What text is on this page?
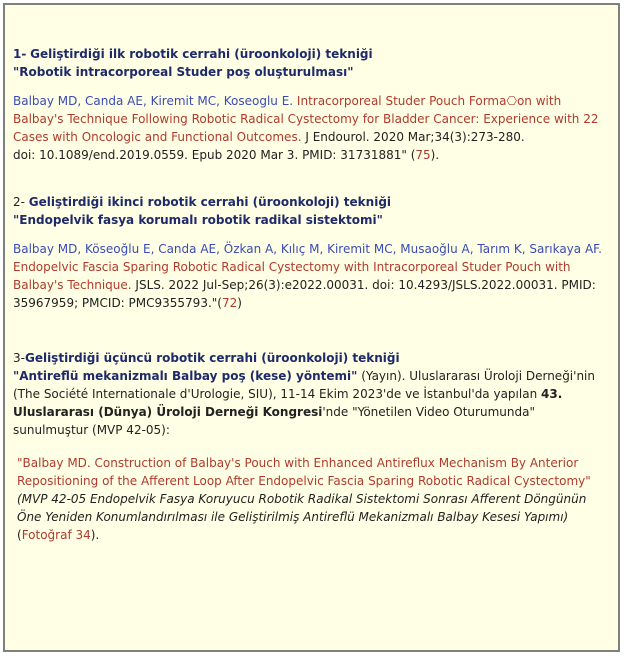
1- Geliştirdiği ilk robotik cerrahi (üroonkoloji) tekniği

"Robotik intracorporeal Studer poş oluşturulması"

Balbay MD, Canda AE, Kiremit MC, Koseoglu E. Intracorporeal Studer Pouch Forma⎔on with Balbay's Technique Following Robotic Radical Cystectomy for Bladder Cancer: Experience with 22 Cases with Oncologic and Functional Outcomes. J Endourol. 2020 Mar;34(3):273-280.

doi: 10.1089/end.2019.0559. Epub 2020 Mar 3. PMID: 31731881" (75).

2- Geliştirdiği ikinci robotik cerrahi (üroonkoloji) tekniği

"Endopelvik fasya korumalı robotik radikal sistektomi"

Balbay MD, Köseoğlu E, Canda AE, Özkan A, Kılıç M, Kiremit MC, Musaoğlu A, Tarım K, Sarıkaya AF. Endopelvic Fascia Sparing Robotic Radical Cystectomy with Intracorporeal Studer Pouch with Balbay's Technique. JSLS. 2022 Jul-Sep;26(3):e2022.00031. doi: 10.4293/JSLS.2022.00031. PMID: 35967959; PMCID: PMC9355793."(72)

3-Geliştirdiği üçüncü robotik cerrahi (üroonkoloji) tekniği

"Antireflü mekanizmalı Balbay poş (kese) yöntemi" (Yayın). Uluslararası Üroloji Derneği'nin (The Société Internationale d'Urologie, SIU), 11-14 Ekim 2023'de ve İstanbul'da yapılan 43. Uluslararası (Dünya) Üroloji Derneği Kongresi'nde "Yönetilen Video Oturumunda" sunulmuştur (MVP 42-05):

"Balbay MD. Construction of Balbay's Pouch with Enhanced Antireflux Mechanism By Anterior Repositioning of the Afferent Loop After Endopelvic Fascia Sparing Robotic Radical Cystectomy" (MVP 42-05 Endopelvik Fasya Koruyucu Robotik Radikal Sistektomi Sonrası Afferent Döngünün Öne Yeniden Konumlandırılması ile Geliştirilmiş Antireflü Mekanizmalı Balbay Kesesi Yapımı) (Fotoğraf 34).
